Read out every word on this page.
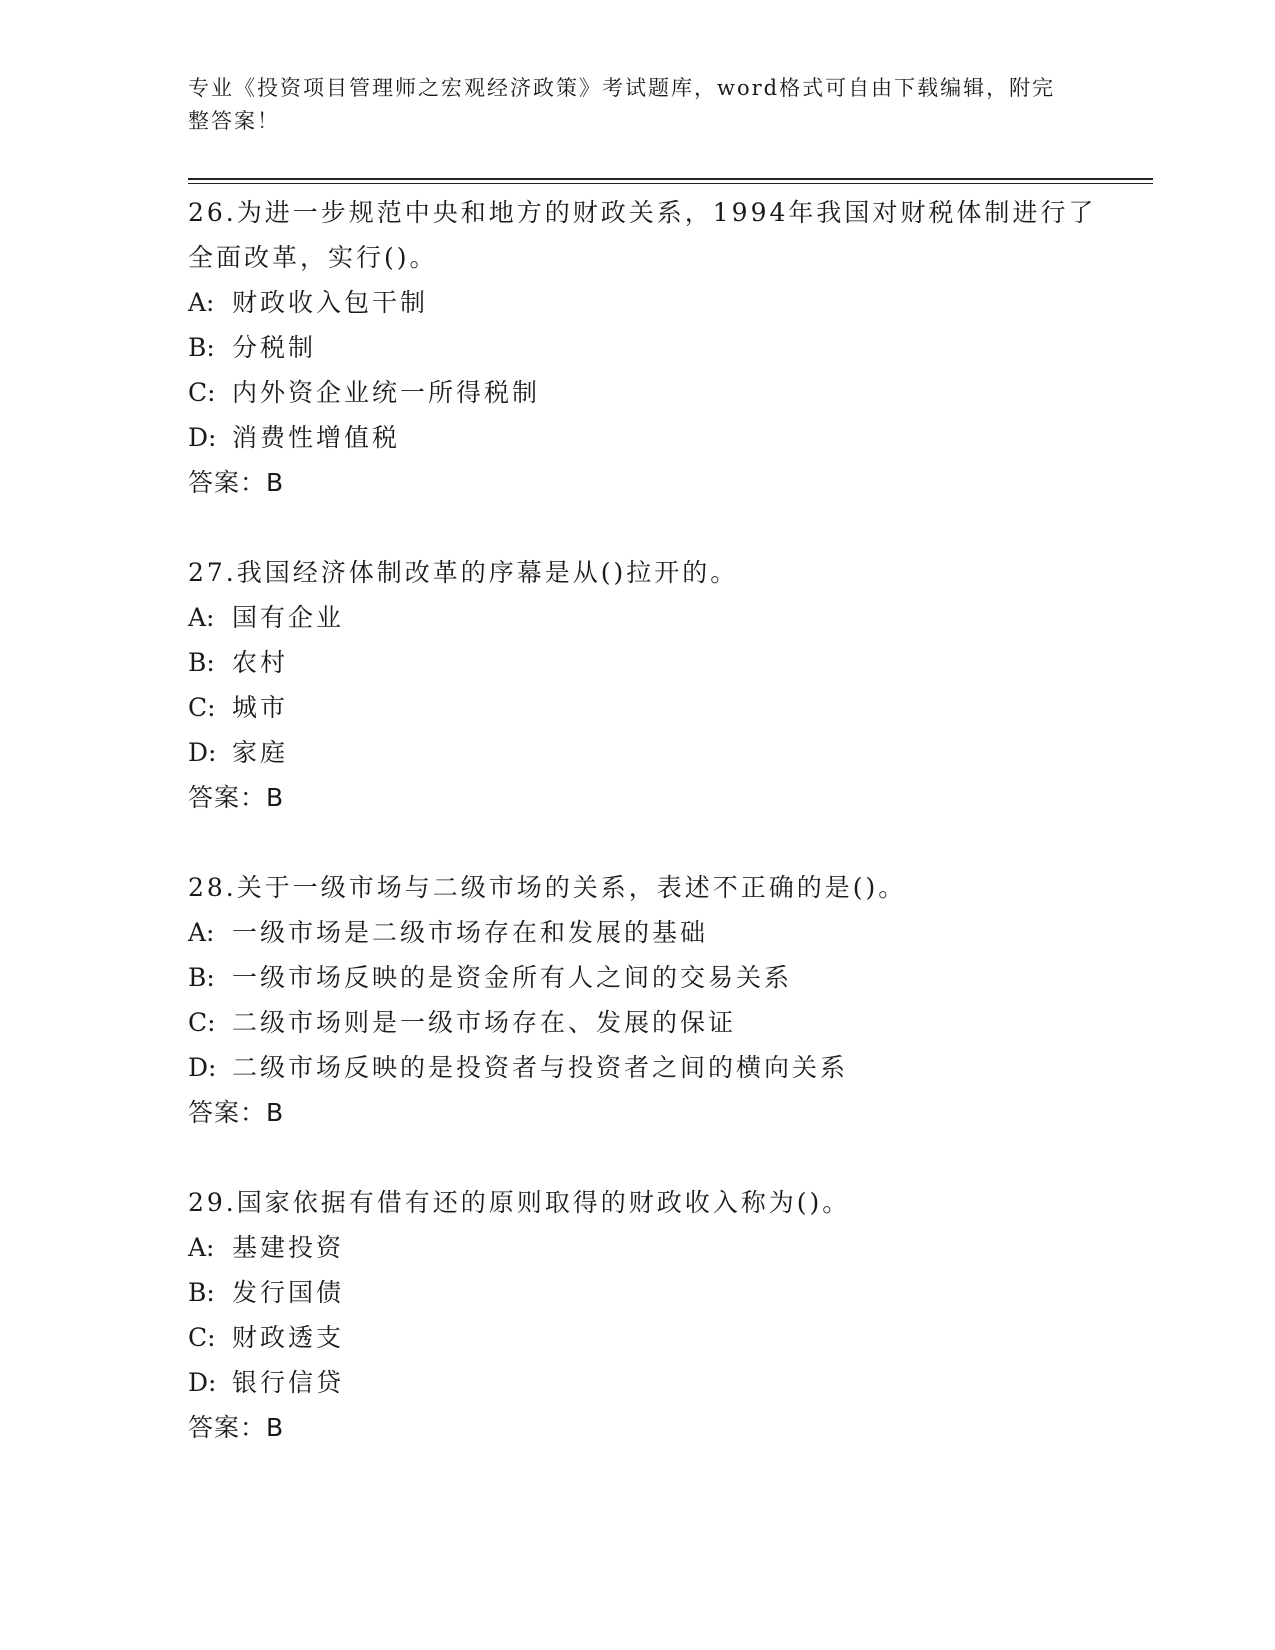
专业《投资项目管理师之宏观经济政策》考试题库，word格式可自由下载编辑，附完整答案！

26.为进一步规范中央和地方的财政关系，1994年我国对财税体制进行了全面改革，实行()。

A: 财政收入包干制

B: 分税制

C: 内外资企业统一所得税制

D: 消费性增值税

答案： B

27.我国经济体制改革的序幕是从()拉开的。

A: 国有企业

B: 农村

C: 城市

D: 家庭

答案： B

28.关于一级市场与二级市场的关系，表述不正确的是()。

A: 一级市场是二级市场存在和发展的基础

B: 一级市场反映的是资金所有人之间的交易关系

C: 二级市场则是一级市场存在、发展的保证

D: 二级市场反映的是投资者与投资者之间的横向关系

答案： B

29.国家依据有借有还的原则取得的财政收入称为()。

A: 基建投资

B: 发行国债

C: 财政透支

D: 银行信贷

答案： B
